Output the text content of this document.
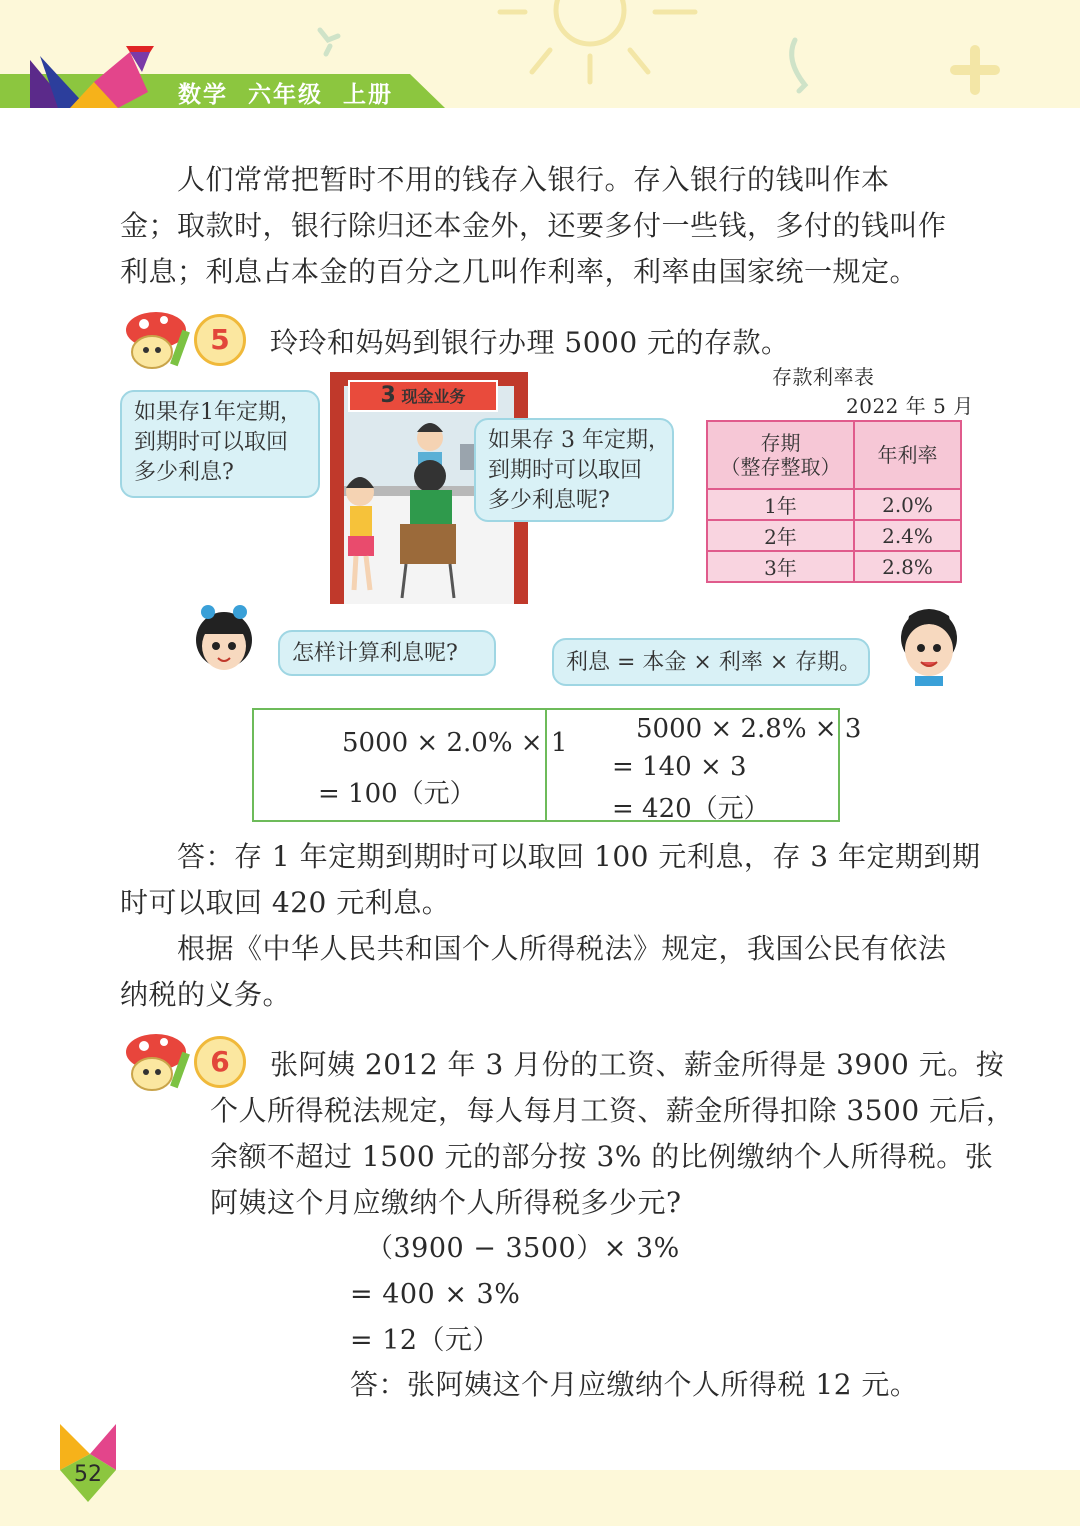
数学  六年级  上册
　　人们常常把暂时不用的钱存入银行。存入银行的钱叫作本
金；取款时，银行除归还本金外，还要多付一些钱，多付的钱叫作
利息；利息占本金的百分之几叫作利率，利率由国家统一规定。
5	玲玲和妈妈到银行办理 5000 元的存款。
3 现金业务
如果存1年定期，
到期时可以取回
多少利息?
如果存 3 年定期，
到期时可以取回
多少利息呢?
存款利率表
2022 年 5 月
存期
（整存整取）	年利率
1年	2.0%
2年	2.4%
3年	2.8%
怎样计算利息呢?	利息 = 本金 × 利率 × 存期。
5000 × 2.0% × 1
= 100（元）
5000 × 2.8% × 3
= 140 × 3
= 420（元）
　　答：存 1 年定期到期时可以取回 100 元利息，存 3 年定期到期
时可以取回 420 元利息。
　　根据《中华人民共和国个人所得税法》规定，我国公民有依法
纳税的义务。
6	张阿姨 2012 年 3 月份的工资、薪金所得是 3900 元。按
个人所得税法规定，每人每月工资、薪金所得扣除 3500 元后，
余额不超过 1500 元的部分按 3% 的比例缴纳个人所得税。张
阿姨这个月应缴纳个人所得税多少元?
（3900 − 3500）× 3%
= 400 × 3%
= 12（元）
答：张阿姨这个月应缴纳个人所得税 12 元。
52
